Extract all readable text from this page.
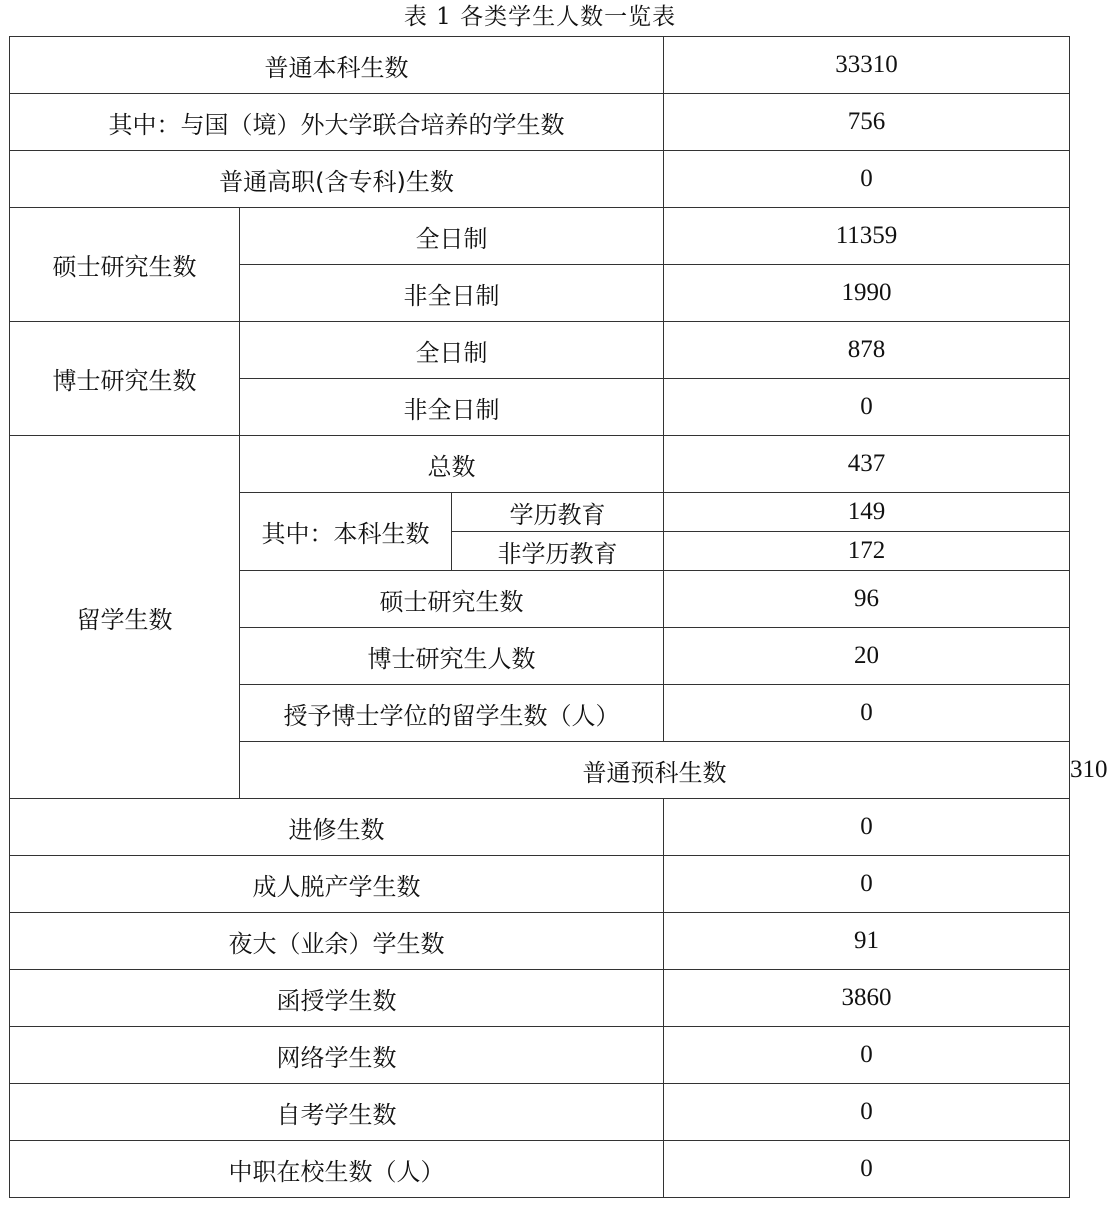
表 1 各类学生人数一览表
普通本科生数			33310	
其中：与国（境）外大学联合培养的学生数			756	
普通高职(含专科)生数			0	
硕士研究生数	全日制		11359	
	非全日制		1990	
博士研究生数	全日制		878	
	非全日制		0	
留学生数	总数		437	
	其中：本科生数	学历教育	149	
		非学历教育	172	
	硕士研究生数		96	
	博士研究生人数		20	
	授予博士学位的留学生数（人）		0	
	普通预科生数			310
进修生数			0	
成人脱产学生数			0	
夜大（业余）学生数			91	
函授学生数			3860	
网络学生数			0	
自考学生数			0	
中职在校生数（人）			0	
